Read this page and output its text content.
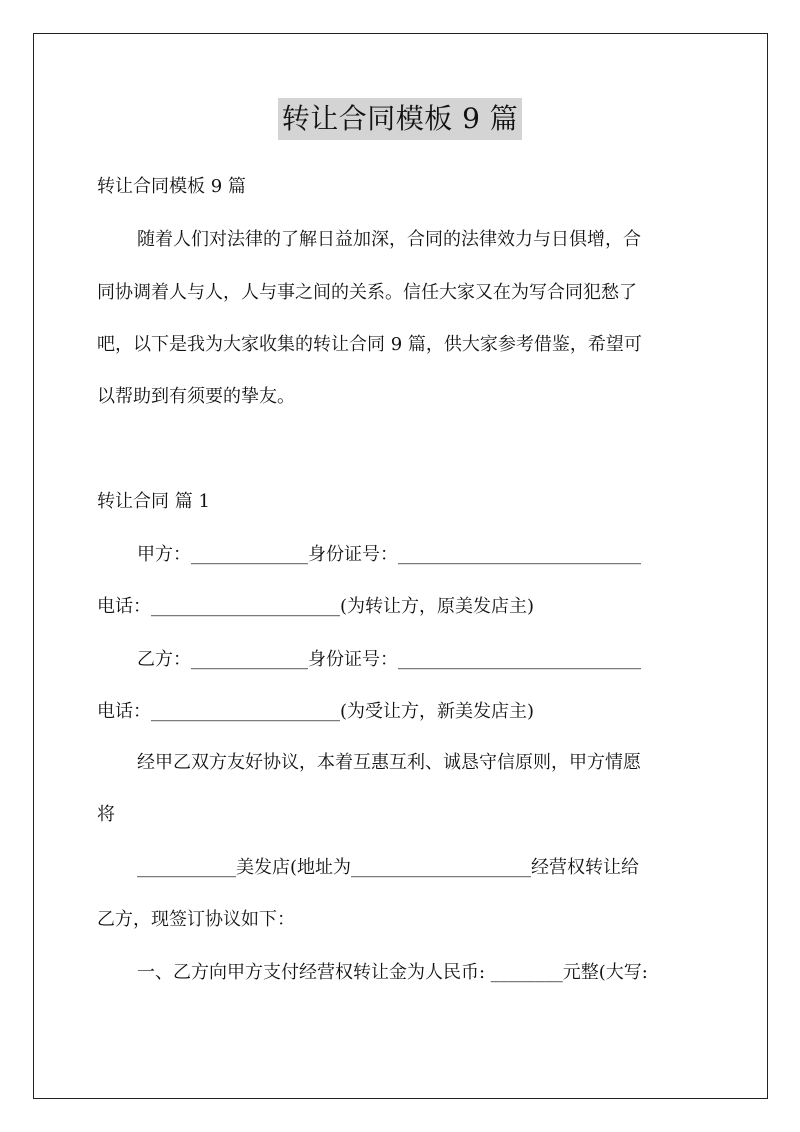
转让合同模板 9 篇
转让合同模板 9 篇
随着人们对法律的了解日益加深，合同的法律效力与日俱增，合
同协调着人与人，人与事之间的关系。信任大家又在为写合同犯愁了
吧，以下是我为大家收集的转让合同 9 篇，供大家参考借鉴，希望可
以帮助到有须要的挚友。
转让合同 篇 1
甲方：_____________身份证号：___________________________
电话：_____________________(为转让方，原美发店主)
乙方：_____________身份证号：___________________________
电话：_____________________(为受让方，新美发店主)
经甲乙双方友好协议，本着互惠互利、诚恳守信原则，甲方情愿
将
___________美发店(地址为____________________经营权转让给
乙方，现签订协议如下：
一、乙方向甲方支付经营权转让金为人民币: ________元整(大写:
